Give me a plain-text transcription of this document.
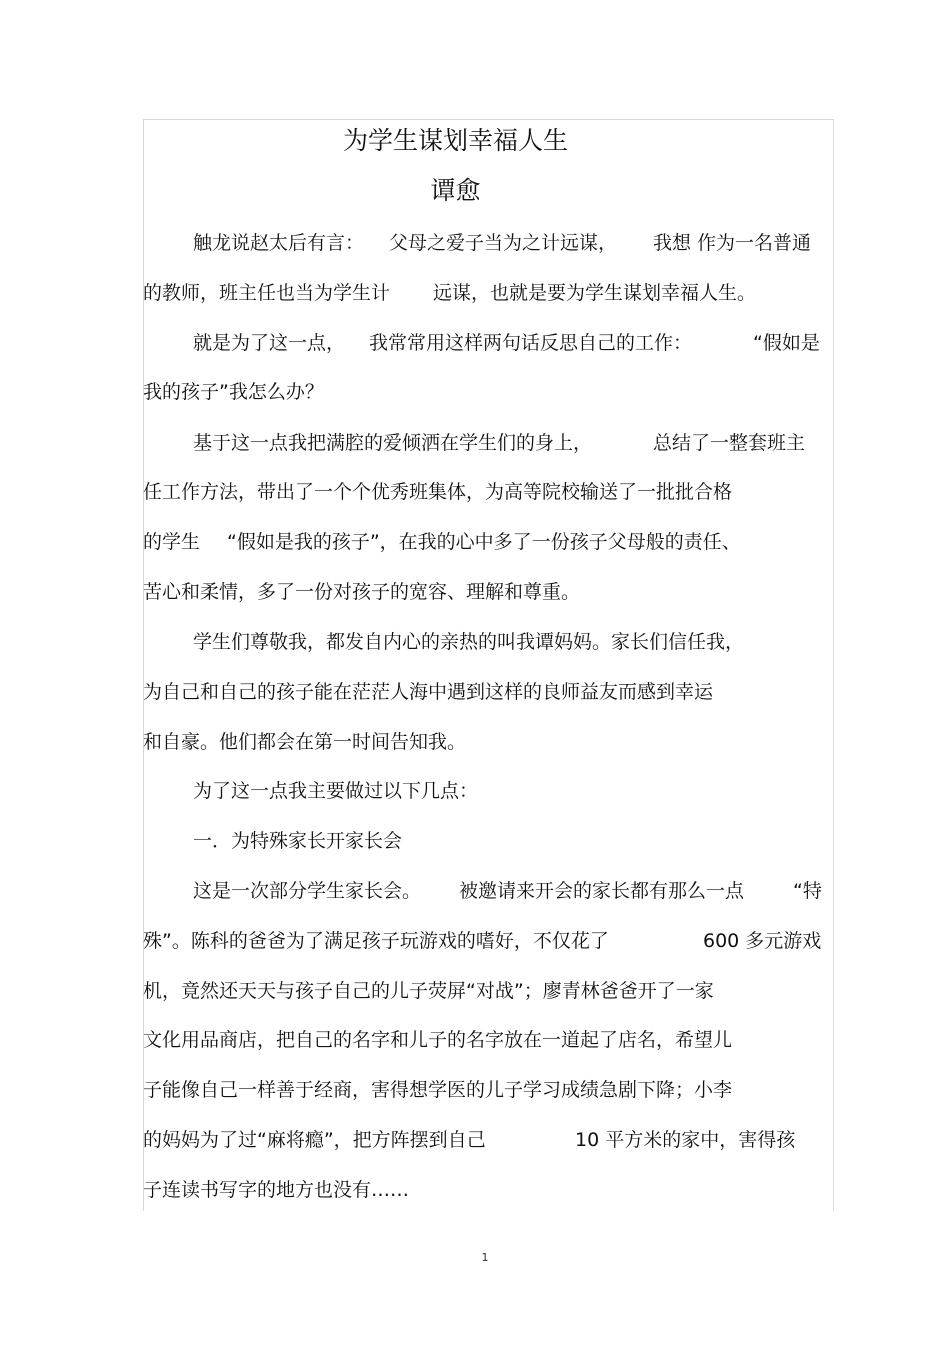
为学生谋划幸福人生
谭愈
触龙说赵太后有言： 父母之爱子当为之计远谋， 我想 作为一名普通
的教师，班主任也当为学生计 远谋，也就是要为学生谋划幸福人生。
就是为了这一点， 我常常用这样两句话反思自己的工作：	“假如是
我的孩子”我怎么办？
基于这一点我把满腔的爱倾洒在学生们的身上，	总结了一整套班主
任工作方法，带出了一个个优秀班集体，为高等院校输送了一批批合格
的学生 “假如是我的孩子”，在我的心中多了一份孩子父母般的责任、
苦心和柔情，多了一份对孩子的宽容、理解和尊重。
学生们尊敬我，都发自内心的亲热的叫我谭妈妈。家长们信任我，
为自己和自己的孩子能在茫茫人海中遇到这样的良师益友而感到幸运
和自豪。他们都会在第一时间告知我。
为了这一点我主要做过以下几点：
一．为特殊家长开家长会
这是一次部分学生家长会。 被邀请来开会的家长都有那么一点	“特
殊”。陈科的爸爸为了满足孩子玩游戏的嗜好，不仅花了	600 多元游戏
机，竟然还天天与孩子自己的儿子荧屏“对战”；廖青林爸爸开了一家
文化用品商店，把自己的名字和儿子的名字放在一道起了店名，希望儿
子能像自己一样善于经商，害得想学医的儿子学习成绩急剧下降；小李
的妈妈为了过“麻将瘾”，把方阵摆到自己	10 平方米的家中，害得孩
子连读书写字的地方也没有……
1
